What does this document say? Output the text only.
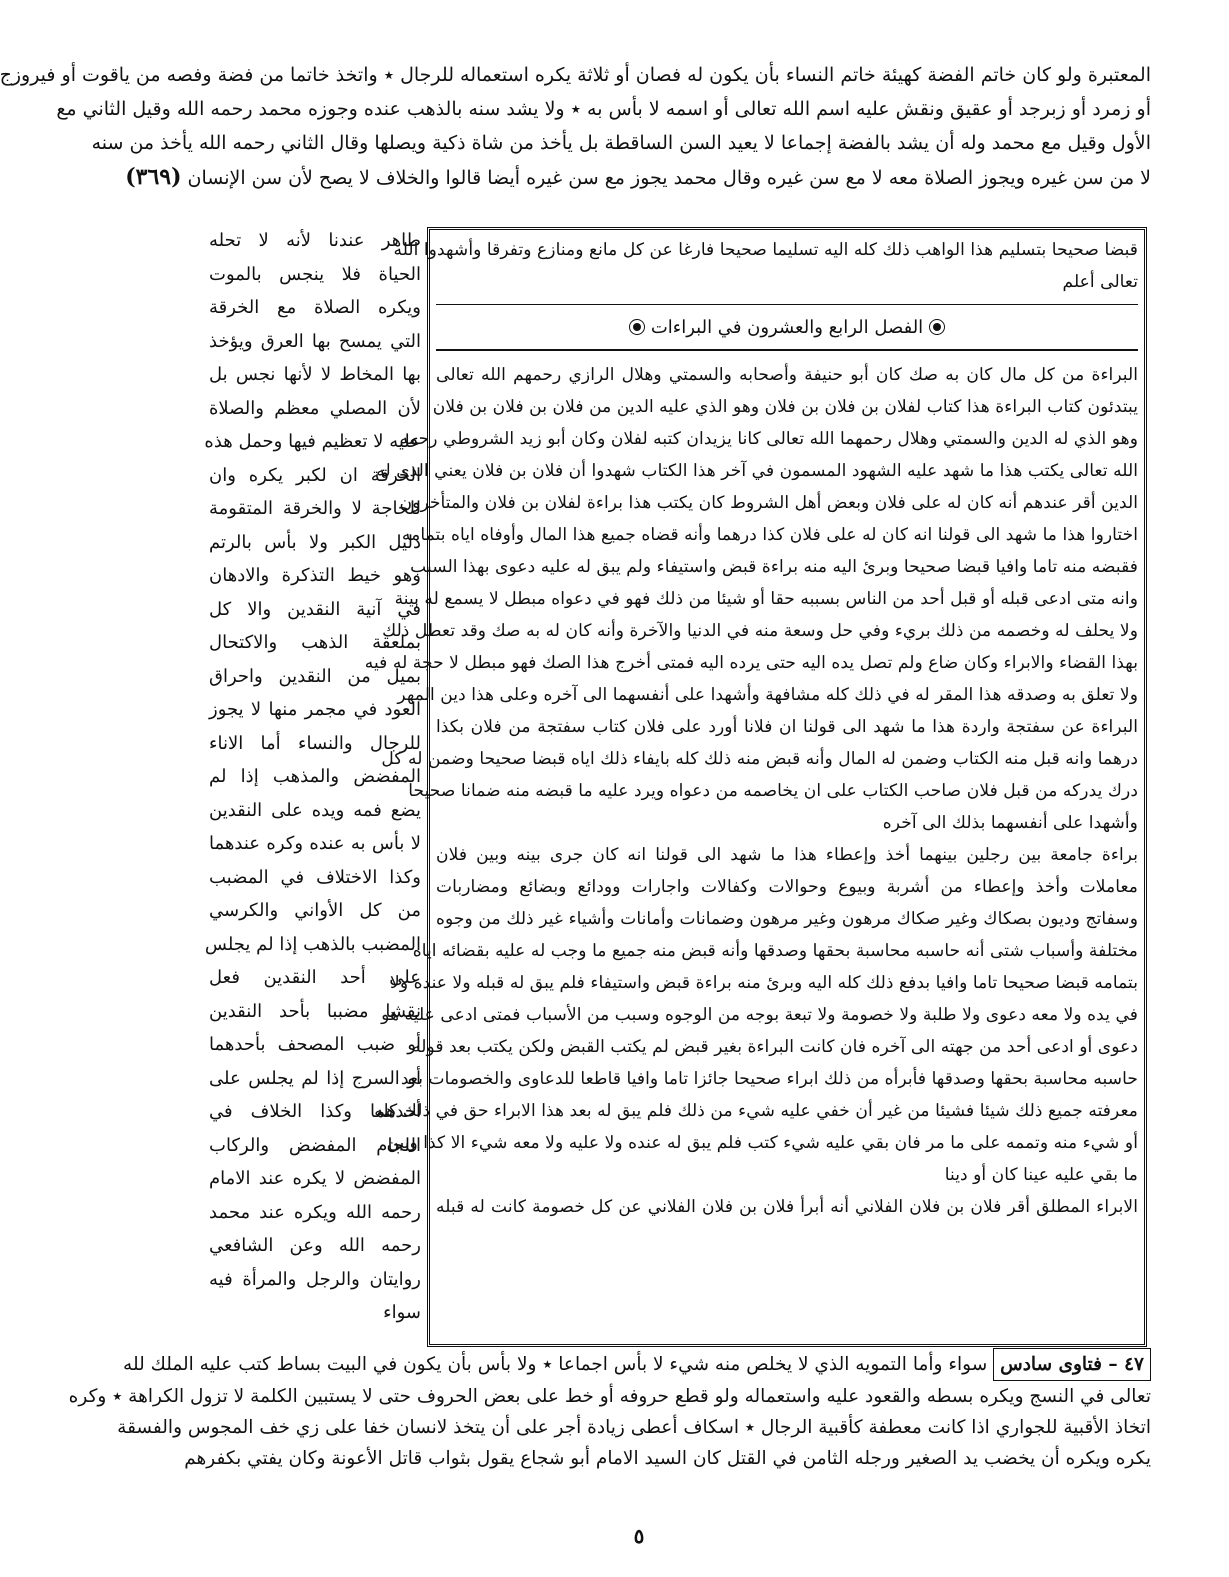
المعتبرة ولو كان خاتم الفضة كهيئة خاتم النساء بأن يكون له فصان أو ثلاثة يكره استعماله للرجال ٭ واتخذ خاتما من فضة وفصه من ياقوت أو فيروزج
أو زمرد أو زبرجد أو عقيق ونقش عليه اسم الله تعالى أو اسمه لا بأس به ٭ ولا يشد سنه بالذهب عنده وجوزه محمد رحمه الله وقيل الثاني مع
الأول وقيل مع محمد وله أن يشد بالفضة إجماعا لا يعيد السن الساقطة بل يأخذ من شاة ذكية ويصلها وقال الثاني رحمه الله يأخذ من سنه
لا من سن غيره ويجوز الصلاة معه لا مع سن غيره وقال محمد يجوز مع سن غيره أيضا قالوا والخلاف لا يصح لأن سن الإنسان (٣٦٩)
قبضا صحيحا بتسليم هذا الواهب ذلك كله اليه تسليما صحيحا فارغا عن كل مانع ومنازع وتفرقا وأشهدوا الله
تعالى أعلم
الفصل الرابع والعشرون في البراءات
البراءة من كل مال كان به صك كان أبو حنيفة وأصحابه والسمتي وهلال الرازي رحمهم الله تعالى
يبتدئون كتاب البراءة هذا كتاب لفلان بن فلان بن فلان وهو الذي عليه الدين من فلان بن فلان بن فلان
وهو الذي له الدين والسمتي وهلال رحمهما الله تعالى كانا يزيدان كتبه لفلان وكان أبو زيد الشروطي رحمه
الله تعالى يكتب هذا ما شهد عليه الشهود المسمون في آخر هذا الكتاب شهدوا أن فلان بن فلان يعني الذي له
الدين أقر عندهم أنه كان له على فلان وبعض أهل الشروط كان يكتب هذا براءة لفلان بن فلان والمتأخرون
اختاروا هذا ما شهد الى قولنا انه كان له على فلان كذا درهما وأنه قضاه جميع هذا المال وأوفاه اياه بتمامه
فقبضه منه تاما وافيا قبضا صحيحا وبرئ اليه منه براءة قبض واستيفاء ولم يبق له عليه دعوى بهذا السبب
وانه متى ادعى قبله أو قبل أحد من الناس بسببه حقا أو شيئا من ذلك فهو في دعواه مبطل لا يسمع له بينة
ولا يحلف له وخصمه من ذلك بريء وفي حل وسعة منه في الدنيا والآخرة وأنه كان له به صك وقد تعطل ذلك
بهذا القضاء والابراء وكان ضاع ولم تصل يده اليه حتى يرده اليه فمتى أخرج هذا الصك فهو مبطل لا حجة له فيه
ولا تعلق به وصدقه هذا المقر له في ذلك كله مشافهة وأشهدا على أنفسهما الى آخره وعلى هذا دين المهر
البراءة عن سفتجة واردة هذا ما شهد الى قولنا ان فلانا أورد على فلان كتاب سفتجة من فلان بكذا
درهما وانه قبل منه الكتاب وضمن له المال وأنه قبض منه ذلك كله بايفاء ذلك اياه قبضا صحيحا وضمن له كل
درك يدركه من قبل فلان صاحب الكتاب على ان يخاصمه من دعواه ويرد عليه ما قبضه منه ضمانا صحيحا
وأشهدا على أنفسهما بذلك الى آخره
براءة جامعة بين رجلين بينهما أخذ وإعطاء هذا ما شهد الى قولنا انه كان جرى بينه وبين فلان
معاملات وأخذ وإعطاء من أشربة وبيوع وحوالات وكفالات واجارات وودائع وبضائع ومضاربات
وسفاتج وديون بصكاك وغير صكاك مرهون وغير مرهون وضمانات وأمانات وأشياء غير ذلك من وجوه
مختلفة وأسباب شتى أنه حاسبه محاسبة بحقها وصدقها وأنه قبض منه جميع ما وجب له عليه بقضائه اياه
بتمامه قبضا صحيحا تاما وافيا بدفع ذلك كله اليه وبرئ منه براءة قبض واستيفاء فلم يبق له قبله ولا عنده ولا
في يده ولا معه دعوى ولا طلبة ولا خصومة ولا تبعة بوجه من الوجوه وسبب من الأسباب فمتى ادعى عليه هو
دعوى أو ادعى أحد من جهته الى آخره فان كانت البراءة بغير قبض لم يكتب القبض ولكن يكتب بعد قوله
حاسبه محاسبة بحقها وصدقها فأبرأه من ذلك ابراء صحيحا جائزا تاما وافيا قاطعا للدعاوى والخصومات بعد
معرفته جميع ذلك شيئا فشيئا من غير أن خفي عليه شيء من ذلك فلم يبق له بعد هذا الابراء حق في ذلك كله
أو شيء منه وتممه على ما مر فان بقي عليه شيء كتب فلم يبق له عنده ولا عليه ولا معه شيء الا كذا وبين
ما بقي عليه عينا كان أو دينا
الابراء المطلق أقر فلان بن فلان الفلاني أنه أبرأ فلان بن فلان الفلاني عن كل خصومة كانت له قبله
طاهر عندنا لأنه لا تحله
الحياة فلا ينجس بالموت
ويكره الصلاة مع الخرقة
التي يمسح بها العرق ويؤخذ
بها المخاط لا لأنها نجس بل
لأن المصلي معظم والصلاة
عليه لا تعظيم فيها وحمل هذه
الخرقة ان لكبر يكره وان
للحاجة لا والخرقة المتقومة
دليل الكبر ولا بأس بالرتم
وهو خيط التذكرة والادهان
في آنية النقدين والا كل
بملعقة الذهب والاكتحال
بميل من النقدين واحراق
العود في مجمر منها لا يجوز
للرجال والنساء أما الاناء
المفضض والمذهب إذا لم
يضع فمه ويده على النقدين
لا بأس به عنده وكره عندهما
وكذا الاختلاف في المضبب
من كل الأواني والكرسي
المضبب بالذهب إذا لم يجلس
على أحد النقدين فعل
نقشا مضببا بأحد النقدين
أو ضبب المصحف بأحدهما
أو السرج إذا لم يجلس على
أحدهما وكذا الخلاف في
اللجام المفضض والركاب
المفضض لا يكره عند الامام
رحمه الله ويكره عند محمد
رحمه الله وعن الشافعي
روايتان والرجل والمرأة فيه
سواء
٤٧ – فتاوى سادس سواء وأما التمويه الذي لا يخلص منه شيء لا بأس اجماعا ٭ ولا بأس بأن يكون في البيت بساط كتب عليه الملك لله
تعالى في النسج ويكره بسطه والقعود عليه واستعماله ولو قطع حروفه أو خط على بعض الحروف حتى لا يستبين الكلمة لا تزول الكراهة ٭ وكره
اتخاذ الأقبية للجواري اذا كانت معطفة كأقبية الرجال ٭ اسكاف أعطى زيادة أجر على أن يتخذ لانسان خفا على زي خف المجوس والفسقة
يكره ويكره أن يخضب يد الصغير ورجله الثامن في القتل كان السيد الامام أبو شجاع يقول بثواب قاتل الأعونة وكان يفتي بكفرهم
٥
